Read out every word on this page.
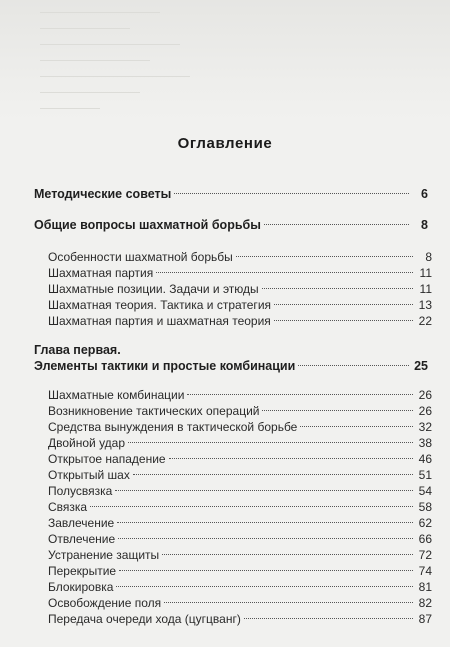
Оглавление
Методические советы	6
Общие вопросы шахматной борьбы	8
Особенности шахматной борьбы	8
Шахматная партия	11
Шахматные позиции. Задачи и этюды	11
Шахматная теория. Тактика и стратегия	13
Шахматная партия и шахматная теория	22
Глава первая.
Элементы тактики и простые комбинации	25
Шахматные комбинации	26
Возникновение тактических операций	26
Средства вынуждения в тактической борьбе	32
Двойной удар	38
Открытое нападение	46
Открытый шах	51
Полусвязка	54
Связка	58
Завлечение	62
Отвлечение	66
Устранение защиты	72
Перекрытие	74
Блокировка	81
Освобождение поля	82
Передача очереди хода (цугцванг)	87
